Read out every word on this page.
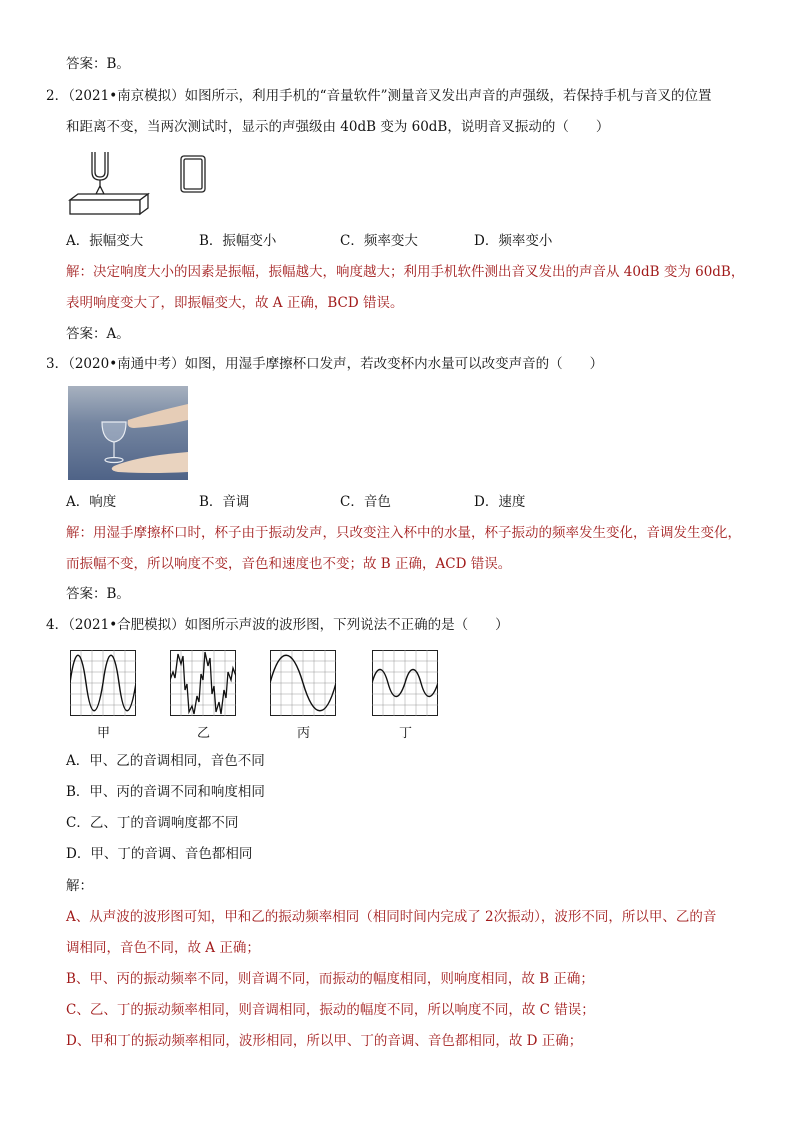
答案：B。
2．（2021•南京模拟）如图所示，利用手机的“音量软件”测量音叉发出声音的声强级，若保持手机与音叉的位置
和距离不变，当两次测试时，显示的声强级由 40dB 变为 60dB，说明音叉振动的（　　）
A．振幅变大	B．振幅变小	C．频率变大	D．频率变小
解：决定响度大小的因素是振幅，振幅越大，响度越大；利用手机软件测出音叉发出的声音从 40dB 变为 60dB，
表明响度变大了，即振幅变大，故 A 正确，BCD 错误。
答案：A。
3．（2020•南通中考）如图，用湿手摩擦杯口发声，若改变杯内水量可以改变声音的（　　）
A．响度	B．音调	C．音色	D．速度
解：用湿手摩擦杯口时，杯子由于振动发声，只改变注入杯中的水量，杯子振动的频率发生变化，音调发生变化，
而振幅不变，所以响度不变，音色和速度也不变；故 B 正确，ACD 错误。
答案：B。
4．（2021•合肥模拟）如图所示声波的波形图，下列说法不正确的是（　　）
甲	乙	丙	丁
A．甲、乙的音调相同，音色不同
B．甲、丙的音调不同和响度相同
C．乙、丁的音调响度都不同
D．甲、丁的音调、音色都相同
解：
A、从声波的波形图可知，甲和乙的振动频率相同（相同时间内完成了 2次振动），波形不同，所以甲、乙的音
调相同，音色不同，故 A 正确；
B、甲、丙的振动频率不同，则音调不同，而振动的幅度相同，则响度相同，故 B 正确；
C、乙、丁的振动频率相同，则音调相同，振动的幅度不同，所以响度不同，故 C 错误；
D、甲和丁的振动频率相同，波形相同，所以甲、丁的音调、音色都相同，故 D 正确；
